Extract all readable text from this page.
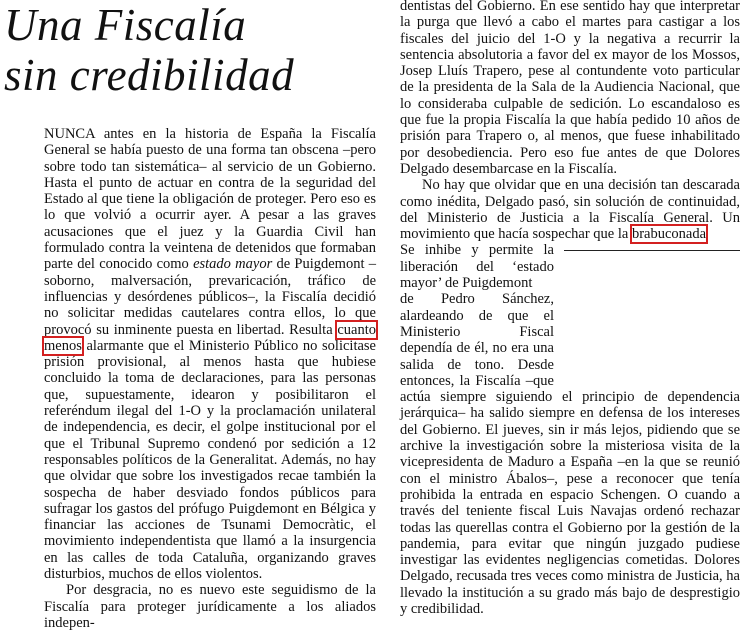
Una Fiscalía
sin credibilidad

NUNCA antes en la historia de España la Fiscalía General se había puesto de una forma tan obscena –pero sobre todo tan sistemática– al servicio de un Gobierno. Hasta el punto de actuar en contra de la seguridad del Estado al que tiene la obligación de proteger. Pero eso es lo que volvió a ocurrir ayer. A pesar a las graves acusaciones que el juez y la Guardia Civil han formulado contra la veintena de detenidos que formaban parte del conocido como estado mayor de Puigdemont –soborno, malversación, prevaricación, tráfico de influencias y desórdenes públicos–, la Fiscalía decidió no solicitar medidas cautelares contra ellos, lo que provocó su inminente puesta en libertad. Resulta cuanto menos alarmante que el Ministerio Público no solicitase prisión provisional, al menos hasta que hubiese concluido la toma de declaraciones, para las personas que, supuestamente, idearon y posibilitaron el referéndum ilegal del 1-O y la proclamación unilateral de independencia, es decir, el golpe institucional por el que el Tribunal Supremo condenó por sedición a 12 responsables políticos de la Generalitat. Además, no hay que olvidar que sobre los investigados recae también la sospecha de haber desviado fondos públicos para sufragar los gastos del prófugo Puigdemont en Bélgica y financiar las acciones de Tsunami Democràtic, el movimiento independentista que llamó a la insurgencia en las calles de toda Cataluña, organizando graves disturbios, muchos de ellos violentos.

Por desgracia, no es nuevo este seguidismo de la Fiscalía para proteger jurídicamente a los aliados indepen-

dentistas del Gobierno. En ese sentido hay que interpretar la purga que llevó a cabo el martes para castigar a los fiscales del juicio del 1-O y la negativa a recurrir la sentencia absolutoria a favor del ex mayor de los Mossos, Josep Lluís Trapero, pese al contundente voto particular de la presidenta de la Sala de la Audiencia Nacional, que lo consideraba culpable de sedición. Lo escandaloso es que fue la propia Fiscalía la que había pedido 10 años de prisión para Trapero o, al menos, que fuese inhabilitado por desobediencia. Pero eso fue antes de que Dolores Delgado desembarcase en la Fiscalía.

No hay que olvidar que en una decisión tan descarada como inédita, Delgado pasó, sin solución de continuidad, del Ministerio de Justicia a la Fiscalía General. Un movimiento que hacía sospechar que la brabuconada

Se inhibe y permite la liberación del ‘estado mayor’ de Puigdemont
de Pedro Sánchez, alardeando de que el Ministerio Fiscal dependía de él, no era una salida de tono. Desde entonces, la Fiscalía –que actúa siempre siguiendo el principio de dependencia jerárquica– ha salido siempre en defensa de los intereses del Gobierno. El jueves, sin ir más lejos, pidiendo que se archive la investigación sobre la misteriosa visita de la vicepresidenta de Maduro a España –en la que se reunió con el ministro Ábalos–, pese a reconocer que tenía prohibida la entrada en espacio Schengen. O cuando a través del teniente fiscal Luis Navajas ordenó rechazar todas las querellas contra el Gobierno por la gestión de la pandemia, para evitar que ningún juzgado pudiese investigar las evidentes negligencias cometidas. Dolores Delgado, recusada tres veces como ministra de Justicia, ha llevado la institución a su grado más bajo de desprestigio y credibilidad.
